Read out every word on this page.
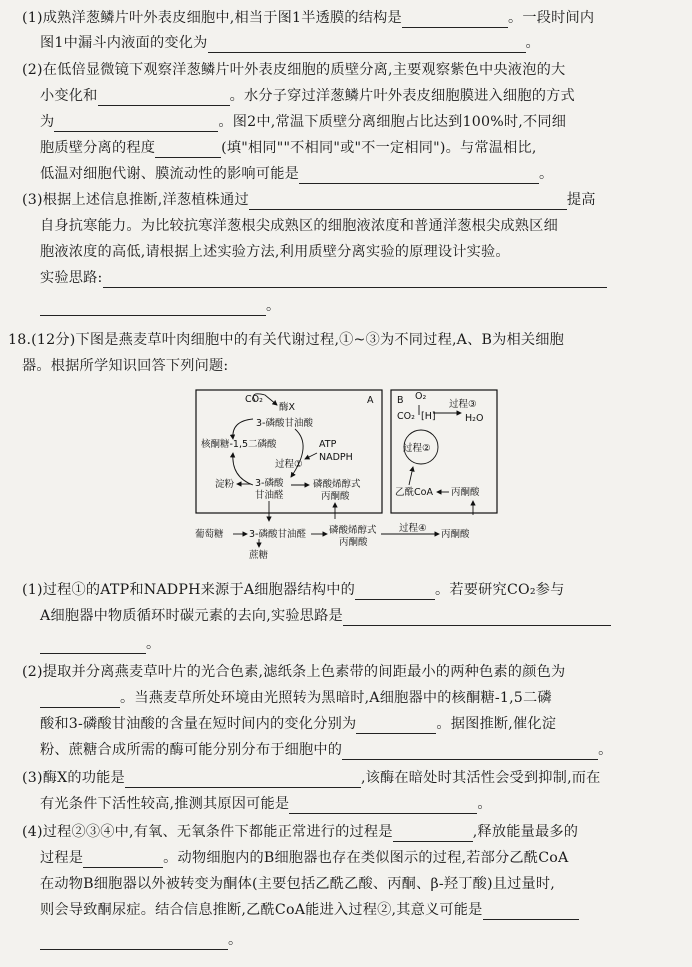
(1)成熟洋葱鳞片叶外表皮细胞中,相当于图1半透膜的结构是	。一段时间内
图1中漏斗内液面的变化为	。
(2)在低倍显微镜下观察洋葱鳞片叶外表皮细胞的质壁分离,主要观察紫色中央液泡的大
小变化和	。水分子穿过洋葱鳞片叶外表皮细胞膜进入细胞的方式
为	。图2中,常温下质壁分离细胞占比达到100%时,不同细
胞质壁分离的程度	(填"相同""不相同"或"不一定相同")。与常温相比,
低温对细胞代谢、膜流动性的影响可能是	。
(3)根据上述信息推断,洋葱植株通过	提高
自身抗寒能力。为比较抗寒洋葱根尖成熟区的细胞液浓度和普通洋葱根尖成熟区细
胞液浓度的高低,请根据上述实验方法,利用质壁分离实验的原理设计实验。
实验思路:
。
18.(12分)下图是燕麦草叶肉细胞中的有关代谢过程,①~③为不同过程,A、B为相关细胞
器。根据所学知识回答下列问题:
A
CO₂
酶X
3-磷酸甘油酸
核酮糖-1,5二磷酸	ATP
NADPH
过程①
淀粉 3-磷酸
甘油醛
磷酸烯醇式
丙酮酸
B O₂
CO₂ [H]
过程③
H₂O
过程②
乙酰CoA 丙酮酸
葡萄糖	3-磷酸甘油醛 磷酸烯醇式
丙酮酸
过程④
丙酮酸
蔗糖
(1)过程①的ATP和NADPH来源于A细胞器结构中的	。若要研究CO₂参与
A细胞器中物质循环时碳元素的去向,实验思路是
。
(2)提取并分离燕麦草叶片的光合色素,滤纸条上色素带的间距最小的两种色素的颜色为
。当燕麦草所处环境由光照转为黑暗时,A细胞器中的核酮糖-1,5二磷
酸和3-磷酸甘油酸的含量在短时间内的变化分别为	。据图推断,催化淀
粉、蔗糖合成所需的酶可能分别分布于细胞中的	。
(3)酶X的功能是	,该酶在暗处时其活性会受到抑制,而在
有光条件下活性较高,推测其原因可能是	。
(4)过程②③④中,有氧、无氧条件下都能正常进行的过程是	,释放能量最多的
过程是	。动物细胞内的B细胞器也存在类似图示的过程,若部分乙酰CoA
在动物B细胞器以外被转变为酮体(主要包括乙酰乙酸、丙酮、β-羟丁酸)且过量时,
则会导致酮尿症。结合信息推断,乙酰CoA能进入过程②,其意义可能是
。
